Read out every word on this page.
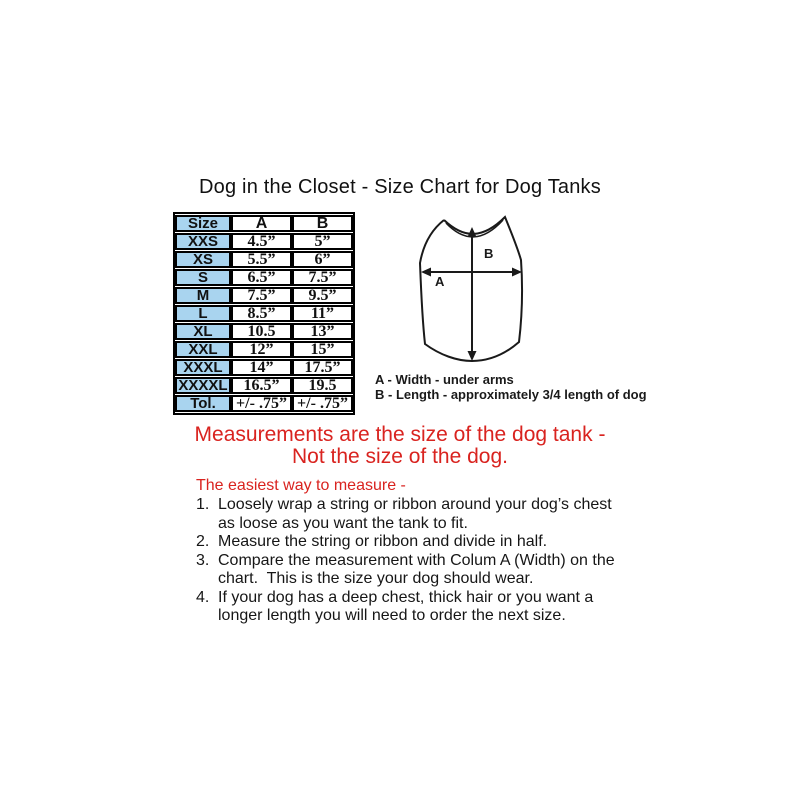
Dog in the Closet - Size Chart for Dog Tanks
Size	A	B
XXS	4.5”	5”
XS	5.5”	6”
S	6.5”	7.5”
M	7.5”	9.5”
L	8.5”	11”
XL	10.5	13”
XXL	12”	15”
XXXL	14”	17.5”
XXXXL	16.5”	19.5
Tol.	+/- .75”	+/- .75”
B
A
A - Width - under arms
B - Length - approximately 3/4 length of dog
Measurements are the size of the dog tank -
Not the size of the dog.
The easiest way to measure -
1. Loosely wrap a string or ribbon around your dog’s chest as loose as you want the tank to fit.
2. Measure the string or ribbon and divide in half.
3. Compare the measurement with Colum A (Width) on the chart.  This is the size your dog should wear.
4. If your dog has a deep chest, thick hair or you want a longer length you will need to order the next size.
